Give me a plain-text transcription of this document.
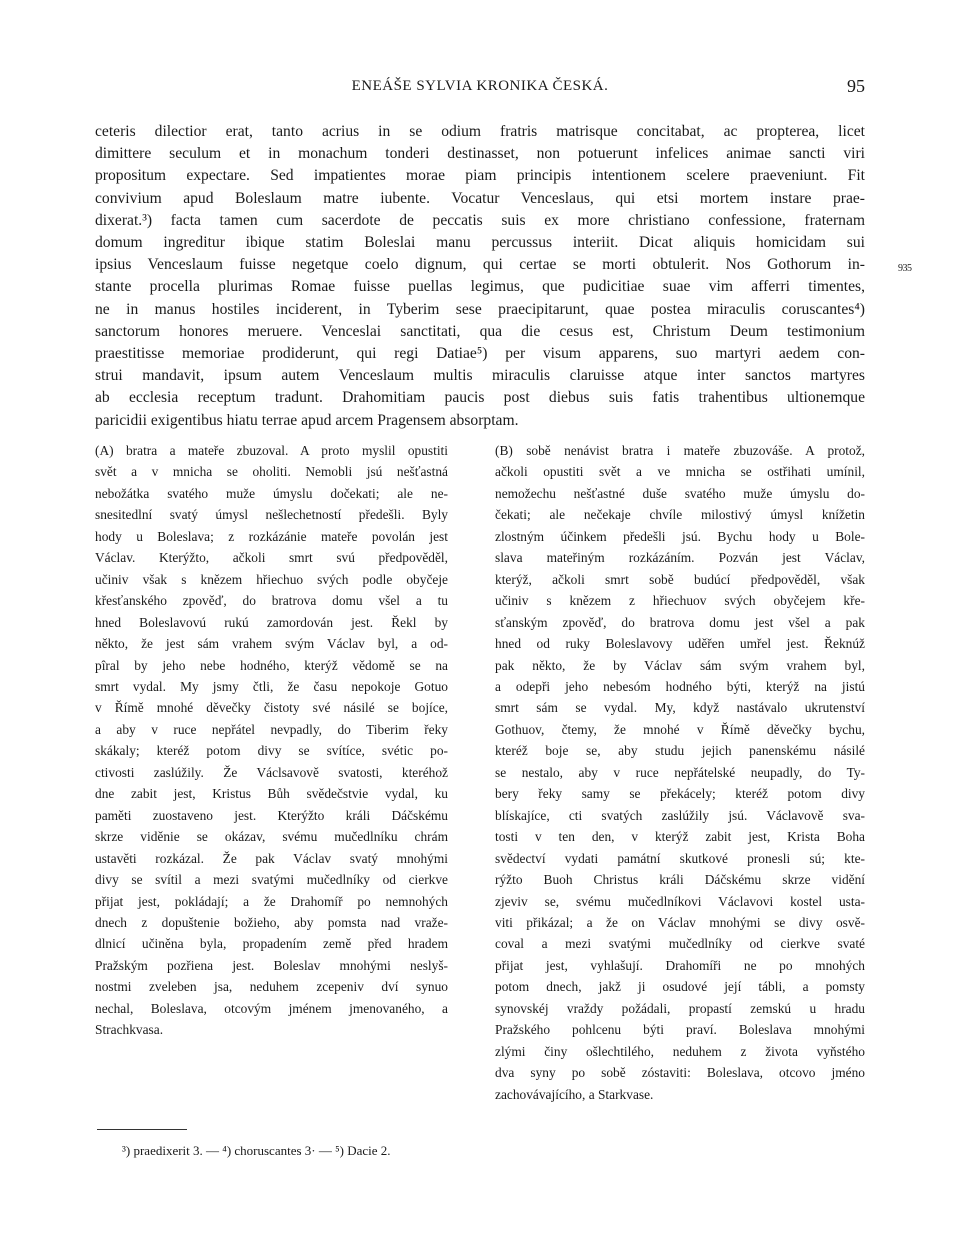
ENEÁŠE SYLVIA KRONIKA ČESKÁ.	95
ceteris dilectior erat, tanto acrius in se odium fratris matrisque concitabat, ac propterea, licet
dimittere seculum et in monachum tonderi destinasset, non potuerunt infelices animae sancti viri
propositum expectare. Sed impatientes morae piam principis intentionem scelere praeveniunt. Fit
convivium apud Boleslaum matre iubente. Vocatur Venceslaus, qui etsi mortem instare prae-
dixerat.³) facta tamen cum sacerdote de peccatis suis ex more christiano confessione, fraternam
domum ingreditur ibique statim Boleslai manu percussus interiit. Dicat aliquis homicidam sui
ipsius Venceslaum fuisse negetque coelo dignum, qui certae se morti obtulerit. Nos Gothorum in-
stante procella plurimas Romae fuisse puellas legimus, que pudicitiae suae vim afferri timentes,
ne in manus hostiles inciderent, in Tyberim sese praecipitarunt, quae postea miraculis coruscantes⁴)
sanctorum honores meruere. Venceslai sanctitati, qua die cesus est, Christum Deum testimonium
praestitisse memoriae prodiderunt, qui regi Datiae⁵) per visum apparens, suo martyri aedem con-
strui mandavit, ipsum autem Venceslaum multis miraculis claruisse atque inter sanctos martyres
ab ecclesia receptum tradunt. Drahomitiam paucis post diebus suis fatis trahentibus ultionemque
paricidii exigentibus hiatu terrae apud arcem Pragensem absorptam.
935
(A) bratra a mateře zbuzoval. A proto myslil opustiti
svět a v mnicha se oholiti. Nemobli jsú nešťastná
nebožátka svatého muže úmyslu dočekati; ale ne-
snesitedlní svatý úmysl nešlechetností předešli. Byly
hody u Boleslava; z rozkázánie mateře povolán jest
Václav. Kterýžto, ačkoli smrt svú předpověděl,
učiniv však s knězem hřiechuo svých podle obyčeje
křesťanského zpověď, do bratrova domu všel a tu
hned Boleslavovú rukú zamordován jest. Řekl by
někto, že jest sám vrahem svým Václav byl, a od-
pîral by jeho nebe hodného, kterýž vědomě se na
smrt vydal. My jsmy čtli, že času nepokoje Gotuo
v Římě mnohé děvečky čistoty své násilé se bojíce,
a aby v ruce nepřátel nevpadly, do Tiberim řeky
skákaly; kteréž potom divy se svítíce, svétic po-
ctivosti zaslúžily. Že Václsavově svatosti, kteréhož
dne zabit jest, Kristus Bůh svědečstvie vydal, ku
paměti zuostaveno jest. Kterýžto králi Dáčskému
skrze viděnie se okázav, svému mučedlníku chrám
ustavěti rozkázal. Že pak Václav svatý mnohými
divy se svítil a mezi svatými mučedlníky od cierkve
přijat jest, pokládají; a že Drahomíř po nemnohých
dnech z dopuštenie božieho, aby pomsta nad vraže-
dlnicí učiněna byla, propadením země před hradem
Pražským pozřiena jest. Boleslav mnohými neslyš-
nostmi zveleben jsa, neduhem zcepeniv dví synuo
nechal, Boleslava, otcovým jménem jmenovaného, a
Strachkvasa.
(B) sobě nenávist bratra i mateře zbuzováše. A protož,
ačkoli opustiti svět a ve mnicha se ostřihati umínil,
nemožechu nešťastné duše svatého muže úmyslu do-
čekati; ale nečekaje chvíle milostivý úmysl knížetin
zlostným účinkem předešli jsú. Bychu hody u Bole-
slava mateřiným rozkázáním. Pozván jest Václav,
kterýž, ačkoli smrt sobě budúcí předpověděl, však
učiniv s knězem z hřiechuov svých obyčejem kře-
sťanským zpověď, do bratrova domu jest všel a pak
hned od ruky Boleslavovy uděřen umřel jest. Řeknúž
pak někto, že by Václav sám svým vrahem byl,
a odepři jeho nebesóm hodného býti, kterýž na jistú
smrt sám se vydal. My, když nastávalo ukrutenství
Gothuov, čtemy, že mnohé v Římě děvečky bychu,
kteréž boje se, aby studu jejich panenskému násilé
se nestalo, aby v ruce nepřátelské neupadly, do Ty-
bery řeky samy se překácely; kteréž potom divy
blískajíce, cti svatých zaslúžily jsú. Václavově sva-
tosti v ten den, v kterýž zabit jest, Krista Boha
svědectví vydati památní skutkové pronesli sú; kte-
rýžto Buoh Christus králi Dáčskému skrze vidění
zjeviv se, svému mučedlníkovi Václavovi kostel usta-
viti přikázal; a že on Václav mnohými se divy osvě-
coval a mezi svatými mučedlníky od cierkve svaté
přijat jest, vyhlašují. Drahomíři ne po mnohých
potom dnech, jakž ji osudové její tábli, a pomsty
synovskéj vraždy požádali, propastí zemskú u hradu
Pražského pohlcenu býti praví. Boleslava mnohými
zlými činy ošlechtilého, neduhem z života vyňstého
dva syny po sobě zóstaviti: Boleslava, otcovo jméno
zachovávajícího, a Starkvase.
³) praedixerit 3. — ⁴) choruscantes 3· — ⁵) Dacie 2.
